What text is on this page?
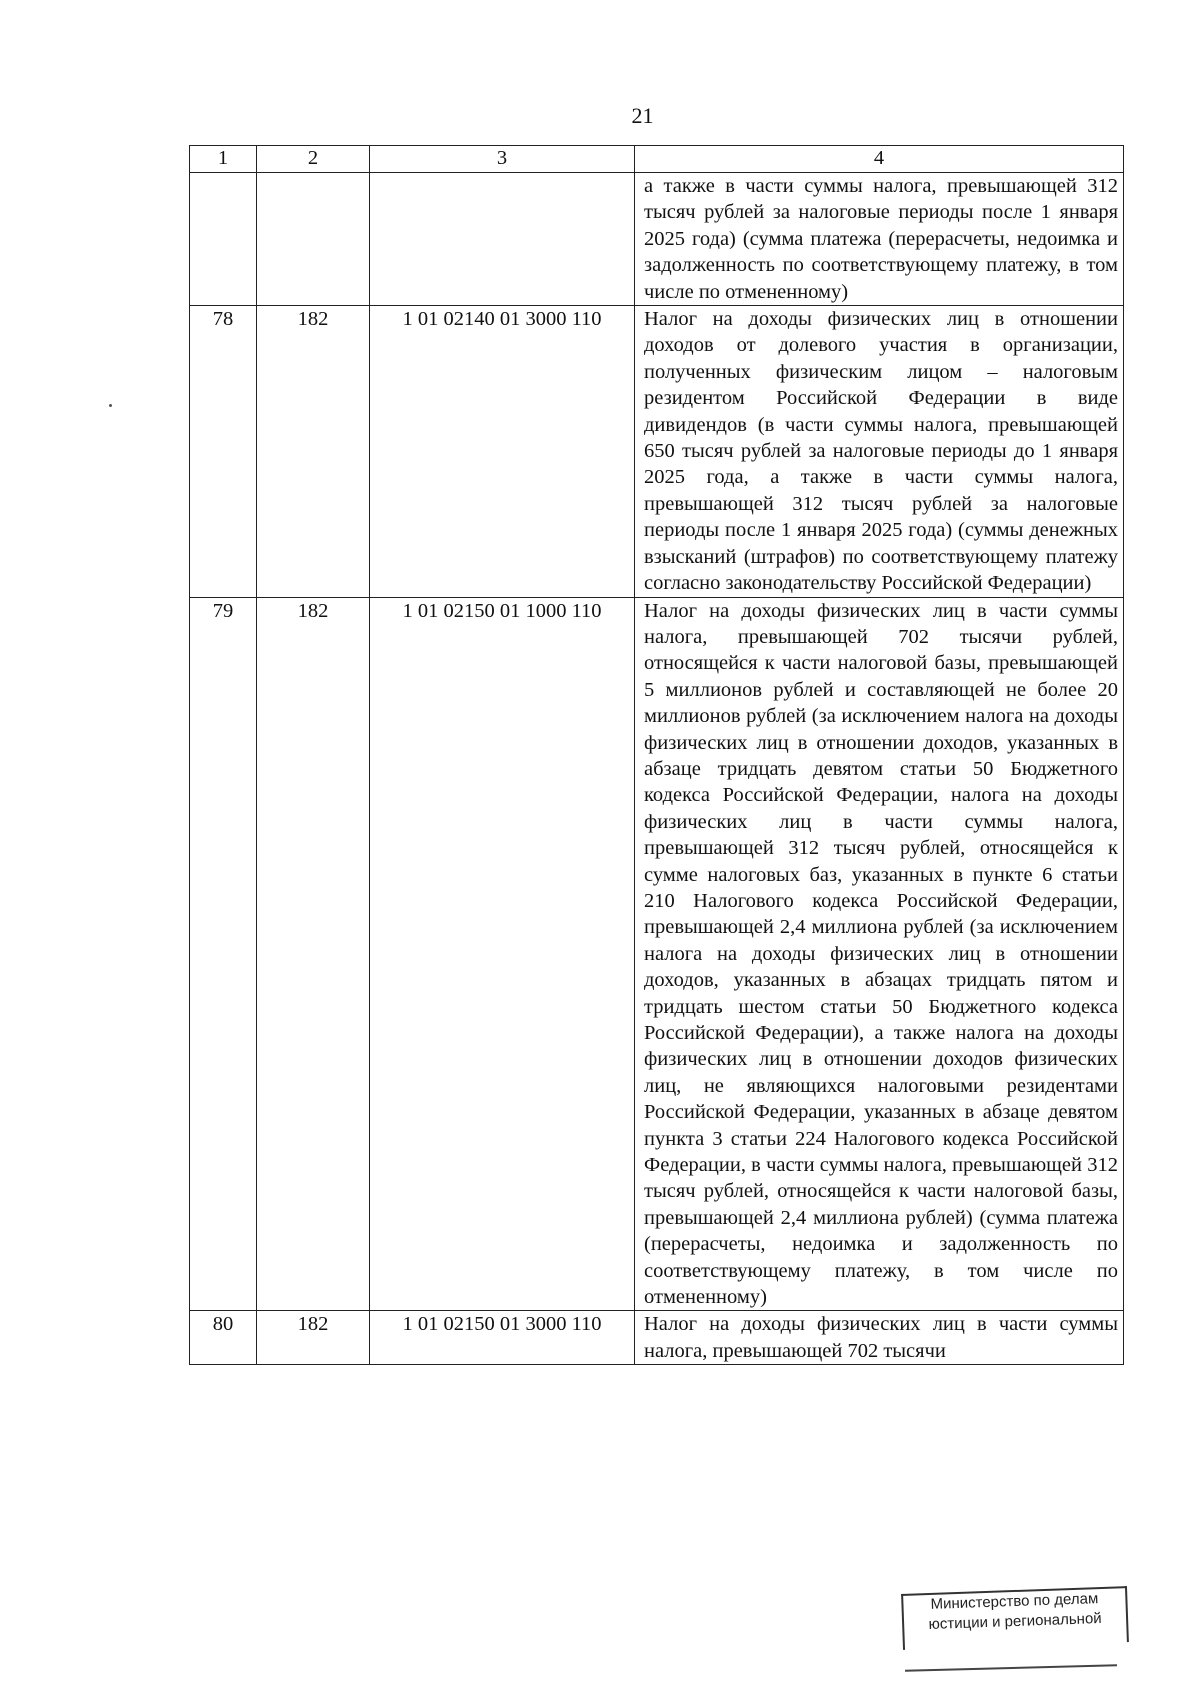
21
1	2	3	4
			а также в части суммы налога, превышающей 312 тысяч рублей за налоговые периоды после 1 января 2025 года) (сумма платежа (перерасчеты, недоимка и задолженность по соответствующему платежу, в том числе по отмененному)
78	182	1 01 02140 01 3000 110	Налог на доходы физических лиц в отношении доходов от долевого участия в организации, полученных физическим лицом – налоговым резидентом Российской Федерации в виде дивидендов (в части суммы налога, превышающей 650 тысяч рублей за налоговые периоды до 1 января 2025 года, а также в части суммы налога, превышающей 312 тысяч рублей за налоговые периоды после 1 января 2025 года) (суммы денежных взысканий (штрафов) по соответствующему платежу согласно законодательству Российской Федерации)
79	182	1 01 02150 01 1000 110	Налог на доходы физических лиц в части суммы налога, превышающей 702 тысячи рублей, относящейся к части налоговой базы, превышающей 5 миллионов рублей и составляющей не более 20 миллионов рублей (за исключением налога на доходы физических лиц в отношении доходов, указанных в абзаце тридцать девятом статьи 50 Бюджетного кодекса Российской Федерации, налога на доходы физических лиц в части суммы налога, превышающей 312 тысяч рублей, относящейся к сумме налоговых баз, указанных в пункте 6 статьи 210 Налогового кодекса Российской Федерации, превышающей 2,4 миллиона рублей (за исключением налога на доходы физических лиц в отношении доходов, указанных в абзацах тридцать пятом и тридцать шестом статьи 50 Бюджетного кодекса Российской Федерации), а также налога на доходы физических лиц в отношении доходов физических лиц, не являющихся налоговыми резидентами Российской Федерации, указанных в абзаце девятом пункта 3 статьи 224 Налогового кодекса Российской Федерации, в части суммы налога, превышающей 312 тысяч рублей, относящейся к части налоговой базы, превышающей 2,4 миллиона рублей) (сумма платежа (перерасчеты, недоимка и задолженность по соответствующему платежу, в том числе по отмененному)
80	182	1 01 02150 01 3000 110	Налог на доходы физических лиц в части суммы налога, превышающей 702 тысячи
Министерство по делам
юстиции и региональной
